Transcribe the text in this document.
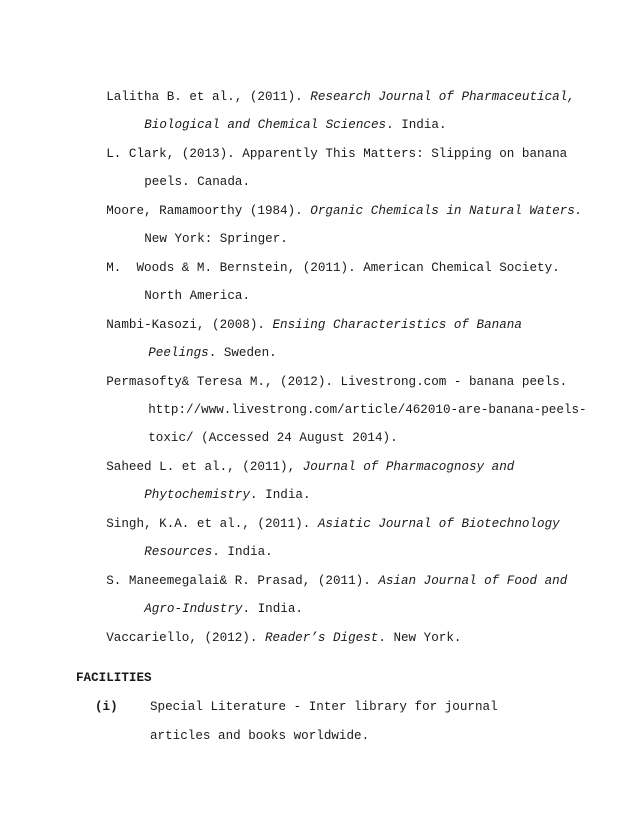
Lalitha B. et al., (2011). Research Journal of Pharmaceutical,

Biological and Chemical Sciences. India.

L. Clark, (2013). Apparently This Matters: Slipping on banana

peels. Canada.

Moore, Ramamoorthy (1984). Organic Chemicals in Natural Waters.

New York: Springer.

M.  Woods & M. Bernstein, (2011). American Chemical Society.

North America.

Nambi-Kasozi, (2008). Ensiing Characteristics of Banana

Peelings. Sweden.

Permasofty& Teresa M., (2012). Livestrong.com - banana peels.

http://www.livestrong.com/article/462010-are-banana-peels-

toxic/ (Accessed 24 August 2014).

Saheed L. et al., (2011), Journal of Pharmacognosy and

Phytochemistry. India.

Singh, K.A. et al., (2011). Asiatic Journal of Biotechnology

Resources. India.

S. Maneemegalai& R. Prasad, (2011). Asian Journal of Food and

Agro-Industry. India.

Vaccariello, (2012). Reader’s Digest. New York.

FACILITIES
(i)	Special Literature - Inter library for journal
articles and books worldwide.
